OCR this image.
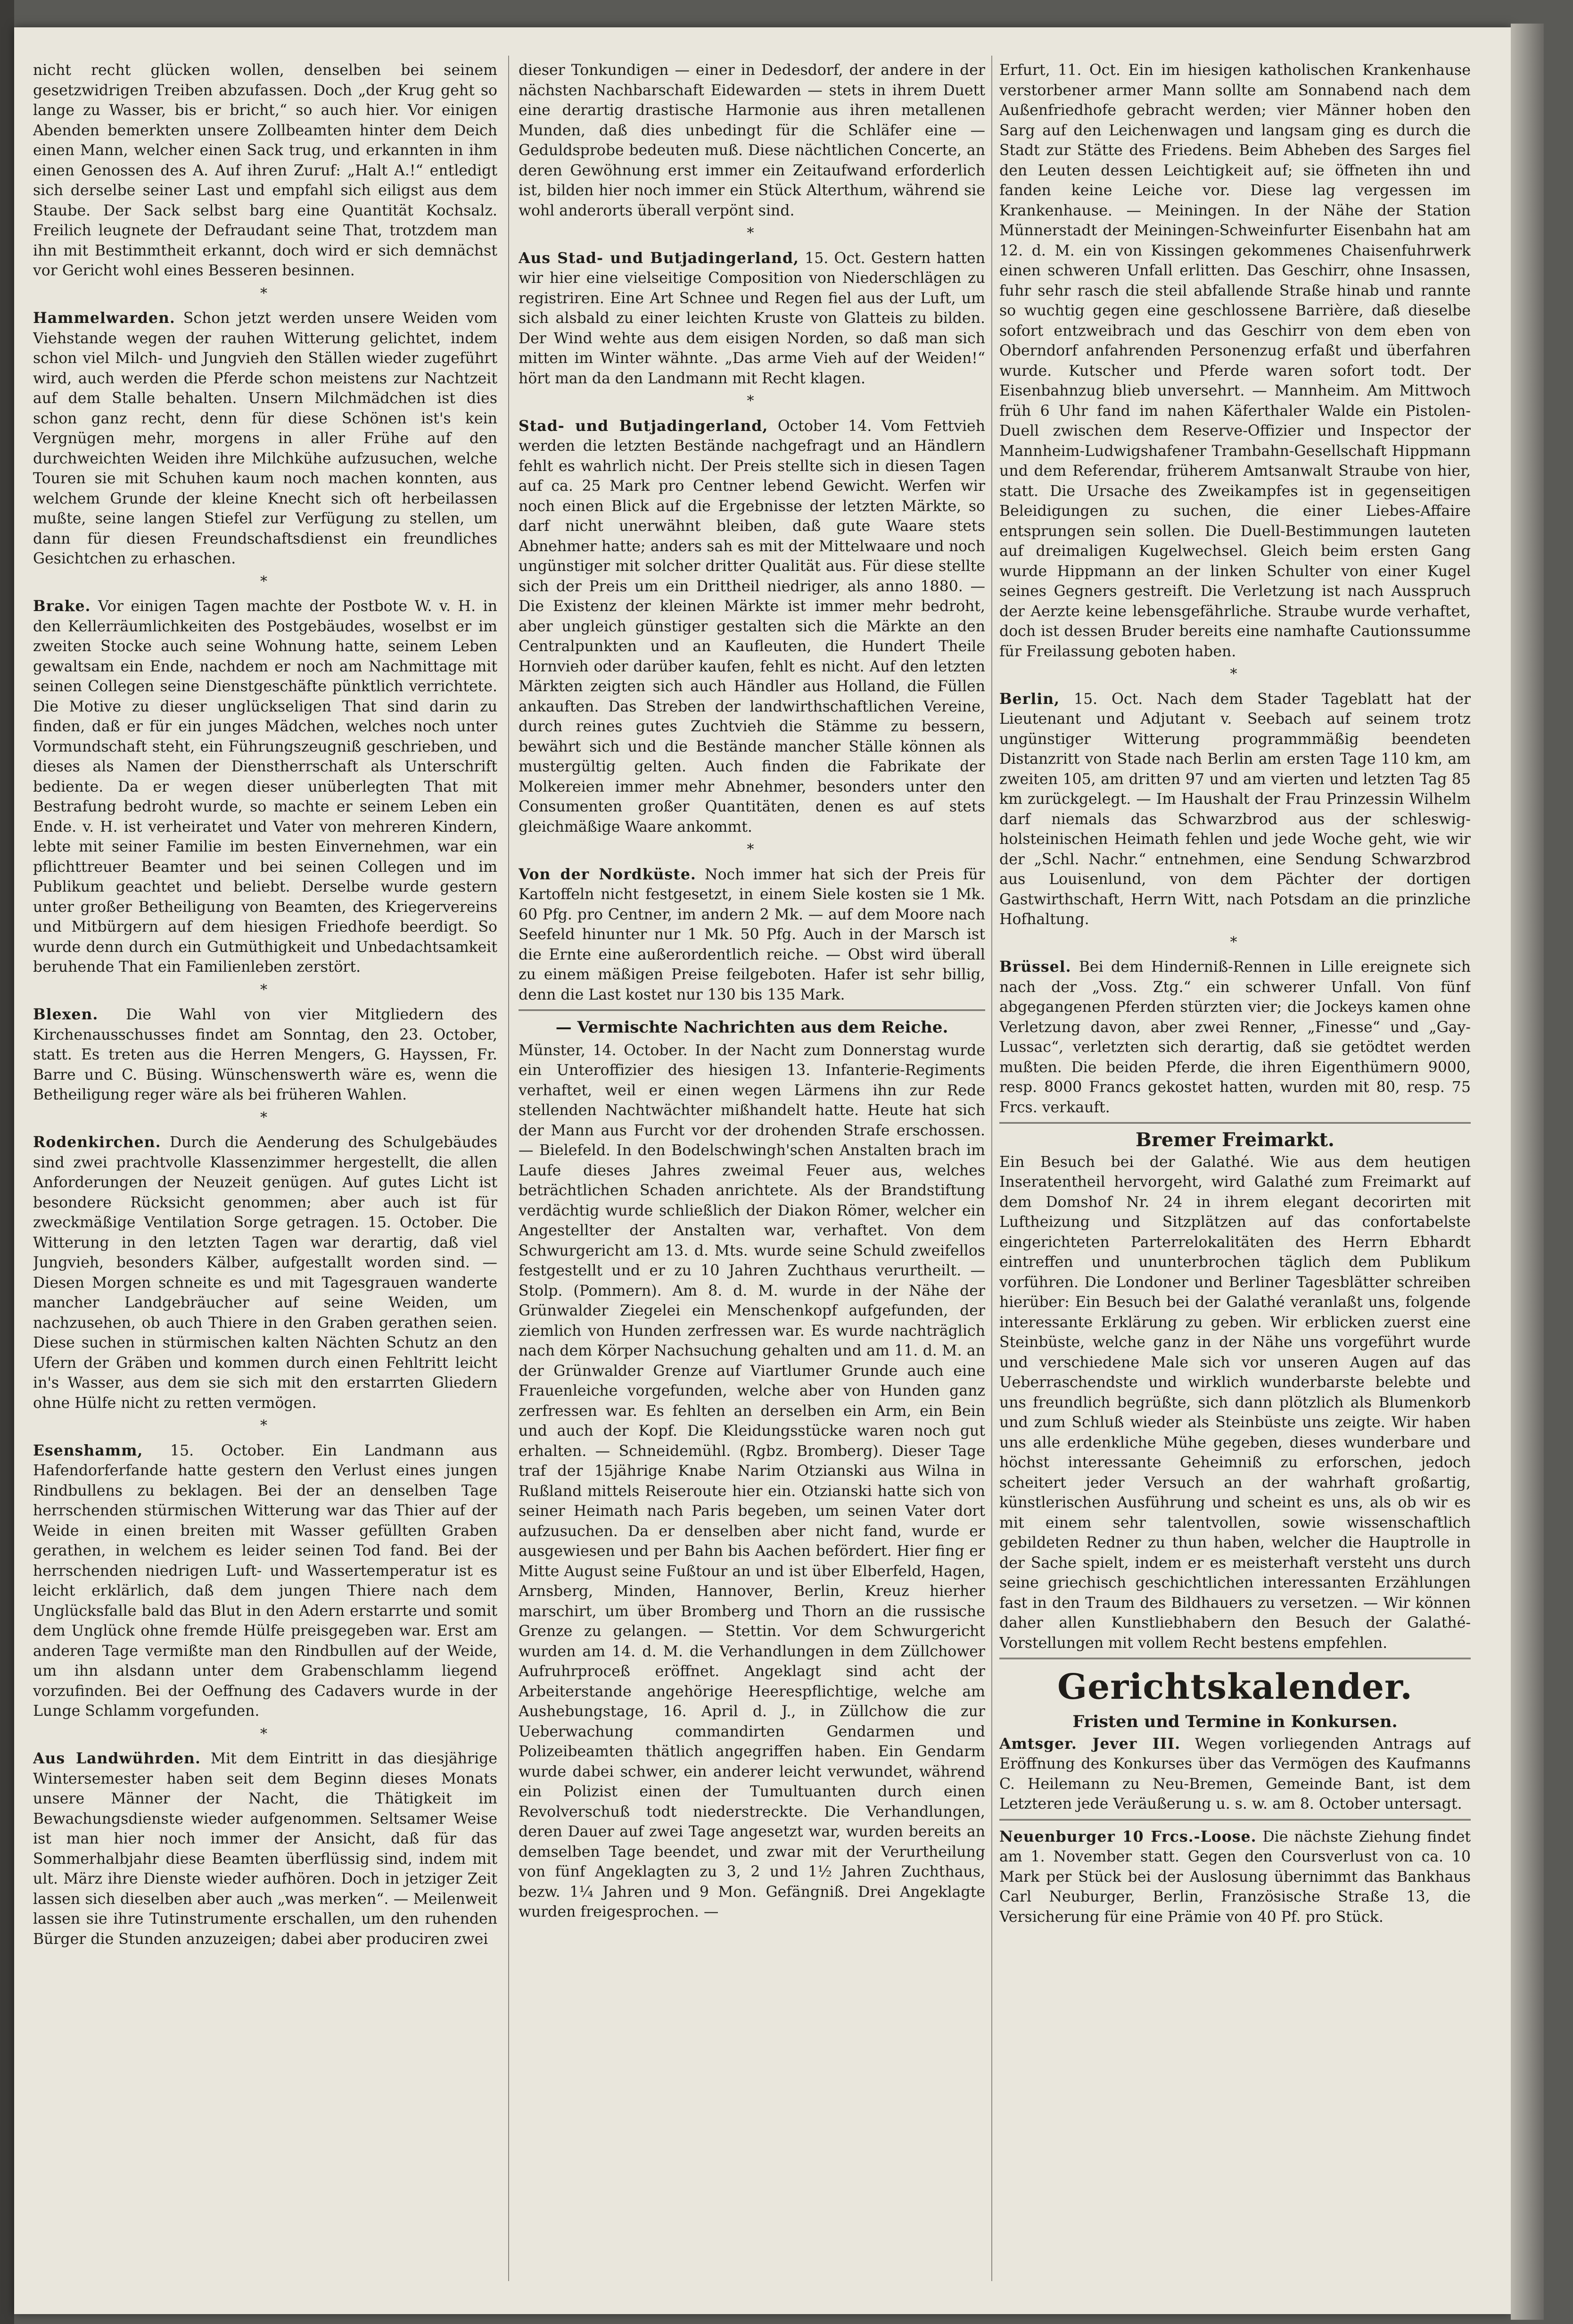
nicht recht glücken wollen, denselben bei seinem gesetzwidrigen Treiben abzufassen. Doch „der Krug geht so lange zu Wasser, bis er bricht,“ so auch hier. Vor einigen Abenden bemerkten unsere Zollbeamten hinter dem Deich einen Mann, welcher einen Sack trug, und erkannten in ihm einen Genossen des A. Auf ihren Zuruf: „Halt A.!“ entledigt sich derselbe seiner Last und empfahl sich eiligst aus dem Staube. Der Sack selbst barg eine Quantität Kochsalz. Freilich leugnete der Defraudant seine That, trotzdem man ihn mit Bestimmtheit erkannt, doch wird er sich demnächst vor Gericht wohl eines Besseren besinnen.

*

Hammelwarden. Schon jetzt werden unsere Weiden vom Viehstande wegen der rauhen Witterung gelichtet, indem schon viel Milch- und Jungvieh den Ställen wieder zugeführt wird, auch werden die Pferde schon meistens zur Nachtzeit auf dem Stalle behalten. Unsern Milchmädchen ist dies schon ganz recht, denn für diese Schönen ist's kein Vergnügen mehr, morgens in aller Frühe auf den durchweichten Weiden ihre Milchkühe aufzusuchen, welche Touren sie mit Schuhen kaum noch machen konnten, aus welchem Grunde der kleine Knecht sich oft herbeilassen mußte, seine langen Stiefel zur Verfügung zu stellen, um dann für diesen Freundschaftsdienst ein freundliches Gesichtchen zu erhaschen.

*

Brake. Vor einigen Tagen machte der Postbote W. v. H. in den Kellerräumlichkeiten des Postgebäudes, woselbst er im zweiten Stocke auch seine Wohnung hatte, seinem Leben gewaltsam ein Ende, nachdem er noch am Nachmittage mit seinen Collegen seine Dienstgeschäfte pünktlich verrichtete. Die Motive zu dieser unglückseligen That sind darin zu finden, daß er für ein junges Mädchen, welches noch unter Vormundschaft steht, ein Führungszeugniß geschrieben, und dieses als Namen der Dienstherrschaft als Unterschrift bediente. Da er wegen dieser unüberlegten That mit Bestrafung bedroht wurde, so machte er seinem Leben ein Ende. v. H. ist verheiratet und Vater von mehreren Kindern, lebte mit seiner Familie im besten Einvernehmen, war ein pflichttreuer Beamter und bei seinen Collegen und im Publikum geachtet und beliebt. Derselbe wurde gestern unter großer Betheiligung von Beamten, des Kriegervereins und Mitbürgern auf dem hiesigen Friedhofe beerdigt. So wurde denn durch ein Gutmüthigkeit und Unbedachtsamkeit beruhende That ein Familienleben zerstört.

*

Blexen. Die Wahl von vier Mitgliedern des Kirchenausschusses findet am Sonntag, den 23. October, statt. Es treten aus die Herren Mengers, G. Hayssen, Fr. Barre und C. Büsing. Wünschenswerth wäre es, wenn die Betheiligung reger wäre als bei früheren Wahlen.

*

Rodenkirchen. Durch die Aenderung des Schulgebäudes sind zwei prachtvolle Klassenzimmer hergestellt, die allen Anforderungen der Neuzeit genügen. Auf gutes Licht ist besondere Rücksicht genommen; aber auch ist für zweckmäßige Ventilation Sorge getragen. 15. October. Die Witterung in den letzten Tagen war derartig, daß viel Jungvieh, besonders Kälber, aufgestallt worden sind. — Diesen Morgen schneite es und mit Tagesgrauen wanderte mancher Landgebräucher auf seine Weiden, um nachzusehen, ob auch Thiere in den Graben gerathen seien. Diese suchen in stürmischen kalten Nächten Schutz an den Ufern der Gräben und kommen durch einen Fehltritt leicht in's Wasser, aus dem sie sich mit den erstarrten Gliedern ohne Hülfe nicht zu retten vermögen.

*

Esenshamm, 15. October. Ein Landmann aus Hafendorferfande hatte gestern den Verlust eines jungen Rindbullens zu beklagen. Bei der an denselben Tage herrschenden stürmischen Witterung war das Thier auf der Weide in einen breiten mit Wasser gefüllten Graben gerathen, in welchem es leider seinen Tod fand. Bei der herrschenden niedrigen Luft- und Wassertemperatur ist es leicht erklärlich, daß dem jungen Thiere nach dem Unglücksfalle bald das Blut in den Adern erstarrte und somit dem Unglück ohne fremde Hülfe preisgegeben war. Erst am anderen Tage vermißte man den Rindbullen auf der Weide, um ihn alsdann unter dem Grabenschlamm liegend vorzufinden. Bei der Oeffnung des Cadavers wurde in der Lunge Schlamm vorgefunden.

*

Aus Landwührden. Mit dem Eintritt in das diesjährige Wintersemester haben seit dem Beginn dieses Monats unsere Männer der Nacht, die Thätigkeit im Bewachungsdienste wieder aufgenommen. Seltsamer Weise ist man hier noch immer der Ansicht, daß für das Sommerhalbjahr diese Beamten überflüssig sind, indem mit ult. März ihre Dienste wieder aufhören. Doch in jetziger Zeit lassen sich dieselben aber auch „was merken“. — Meilenweit lassen sie ihre Tutinstrumente erschallen, um den ruhenden Bürger die Stunden anzuzeigen; dabei aber produciren zwei

dieser Tonkundigen — einer in Dedesdorf, der andere in der nächsten Nachbarschaft Eidewarden — stets in ihrem Duett eine derartig drastische Harmonie aus ihren metallenen Munden, daß dies unbedingt für die Schläfer eine — Geduldsprobe bedeuten muß. Diese nächtlichen Concerte, an deren Gewöhnung erst immer ein Zeitaufwand erforderlich ist, bilden hier noch immer ein Stück Alterthum, während sie wohl anderorts überall verpönt sind.

*

Aus Stad- und Butjadingerland, 15. Oct. Gestern hatten wir hier eine vielseitige Composition von Niederschlägen zu registriren. Eine Art Schnee und Regen fiel aus der Luft, um sich alsbald zu einer leichten Kruste von Glatteis zu bilden. Der Wind wehte aus dem eisigen Norden, so daß man sich mitten im Winter wähnte. „Das arme Vieh auf der Weiden!“ hört man da den Landmann mit Recht klagen.

*

Stad- und Butjadingerland, October 14. Vom Fettvieh werden die letzten Bestände nachgefragt und an Händlern fehlt es wahrlich nicht. Der Preis stellte sich in diesen Tagen auf ca. 25 Mark pro Centner lebend Gewicht. Werfen wir noch einen Blick auf die Ergebnisse der letzten Märkte, so darf nicht unerwähnt bleiben, daß gute Waare stets Abnehmer hatte; anders sah es mit der Mittelwaare und noch ungünstiger mit solcher dritter Qualität aus. Für diese stellte sich der Preis um ein Drittheil niedriger, als anno 1880. — Die Existenz der kleinen Märkte ist immer mehr bedroht, aber ungleich günstiger gestalten sich die Märkte an den Centralpunkten und an Kaufleuten, die Hundert Theile Hornvieh oder darüber kaufen, fehlt es nicht. Auf den letzten Märkten zeigten sich auch Händler aus Holland, die Füllen ankauften. Das Streben der landwirthschaftlichen Vereine, durch reines gutes Zuchtvieh die Stämme zu bessern, bewährt sich und die Bestände mancher Ställe können als mustergültig gelten. Auch finden die Fabrikate der Molkereien immer mehr Abnehmer, besonders unter den Consumenten großer Quantitäten, denen es auf stets gleichmäßige Waare ankommt.

*

Von der Nordküste. Noch immer hat sich der Preis für Kartoffeln nicht festgesetzt, in einem Siele kosten sie 1 Mk. 60 Pfg. pro Centner, im andern 2 Mk. — auf dem Moore nach Seefeld hinunter nur 1 Mk. 50 Pfg. Auch in der Marsch ist die Ernte eine außerordentlich reiche. — Obst wird überall zu einem mäßigen Preise feilgeboten. Hafer ist sehr billig, denn die Last kostet nur 130 bis 135 Mark.

— Vermischte Nachrichten aus dem Reiche.

Münster, 14. October. In der Nacht zum Donnerstag wurde ein Unteroffizier des hiesigen 13. Infanterie-Regiments verhaftet, weil er einen wegen Lärmens ihn zur Rede stellenden Nachtwächter mißhandelt hatte. Heute hat sich der Mann aus Furcht vor der drohenden Strafe erschossen. — Bielefeld. In den Bodelschwingh'schen Anstalten brach im Laufe dieses Jahres zweimal Feuer aus, welches beträchtlichen Schaden anrichtete. Als der Brandstiftung verdächtig wurde schließlich der Diakon Römer, welcher ein Angestellter der Anstalten war, verhaftet. Von dem Schwurgericht am 13. d. Mts. wurde seine Schuld zweifellos festgestellt und er zu 10 Jahren Zuchthaus verurtheilt. — Stolp. (Pommern). Am 8. d. M. wurde in der Nähe der Grünwalder Ziegelei ein Menschenkopf aufgefunden, der ziemlich von Hunden zerfressen war. Es wurde nachträglich nach dem Körper Nachsuchung gehalten und am 11. d. M. an der Grünwalder Grenze auf Viartlumer Grunde auch eine Frauenleiche vorgefunden, welche aber von Hunden ganz zerfressen war. Es fehlten an derselben ein Arm, ein Bein und auch der Kopf. Die Kleidungsstücke waren noch gut erhalten. — Schneidemühl. (Rgbz. Bromberg). Dieser Tage traf der 15jährige Knabe Narim Otzianski aus Wilna in Rußland mittels Reiseroute hier ein. Otzianski hatte sich von seiner Heimath nach Paris begeben, um seinen Vater dort aufzusuchen. Da er denselben aber nicht fand, wurde er ausgewiesen und per Bahn bis Aachen befördert. Hier fing er Mitte August seine Fußtour an und ist über Elberfeld, Hagen, Arnsberg, Minden, Hannover, Berlin, Kreuz hierher marschirt, um über Bromberg und Thorn an die russische Grenze zu gelangen. — Stettin. Vor dem Schwurgericht wurden am 14. d. M. die Verhandlungen in dem Züllchower Aufruhrproceß eröffnet. Angeklagt sind acht der Arbeiterstande angehörige Heerespflichtige, welche am Aushebungstage, 16. April d. J., in Züllchow die zur Ueberwachung commandirten Gendarmen und Polizeibeamten thätlich angegriffen haben. Ein Gendarm wurde dabei schwer, ein anderer leicht verwundet, während ein Polizist einen der Tumultuanten durch einen Revolverschuß todt niederstreckte. Die Verhandlungen, deren Dauer auf zwei Tage angesetzt war, wurden bereits an demselben Tage beendet, und zwar mit der Verurtheilung von fünf Angeklagten zu 3, 2 und 1½ Jahren Zuchthaus, bezw. 1¼ Jahren und 9 Mon. Gefängniß. Drei Angeklagte wurden freigesprochen. —

Erfurt, 11. Oct. Ein im hiesigen katholischen Krankenhause verstorbener armer Mann sollte am Sonnabend nach dem Außenfriedhofe gebracht werden; vier Männer hoben den Sarg auf den Leichenwagen und langsam ging es durch die Stadt zur Stätte des Friedens. Beim Abheben des Sarges fiel den Leuten dessen Leichtigkeit auf; sie öffneten ihn und fanden keine Leiche vor. Diese lag vergessen im Krankenhause. — Meiningen. In der Nähe der Station Münnerstadt der Meiningen-Schweinfurter Eisenbahn hat am 12. d. M. ein von Kissingen gekommenes Chaisenfuhrwerk einen schweren Unfall erlitten. Das Geschirr, ohne Insassen, fuhr sehr rasch die steil abfallende Straße hinab und rannte so wuchtig gegen eine geschlossene Barrière, daß dieselbe sofort entzweibrach und das Geschirr von dem eben von Oberndorf anfahrenden Personenzug erfaßt und überfahren wurde. Kutscher und Pferde waren sofort todt. Der Eisenbahnzug blieb unversehrt. — Mannheim. Am Mittwoch früh 6 Uhr fand im nahen Käferthaler Walde ein Pistolen-Duell zwischen dem Reserve-Offizier und Inspector der Mannheim-Ludwigshafener Trambahn-Gesellschaft Hippmann und dem Referendar, früherem Amtsanwalt Straube von hier, statt. Die Ursache des Zweikampfes ist in gegenseitigen Beleidigungen zu suchen, die einer Liebes-Affaire entsprungen sein sollen. Die Duell-Bestimmungen lauteten auf dreimaligen Kugelwechsel. Gleich beim ersten Gang wurde Hippmann an der linken Schulter von einer Kugel seines Gegners gestreift. Die Verletzung ist nach Ausspruch der Aerzte keine lebensgefährliche. Straube wurde verhaftet, doch ist dessen Bruder bereits eine namhafte Cautionssumme für Freilassung geboten haben.

*

Berlin, 15. Oct. Nach dem Stader Tageblatt hat der Lieutenant und Adjutant v. Seebach auf seinem trotz ungünstiger Witterung programmmäßig beendeten Distanzritt von Stade nach Berlin am ersten Tage 110 km, am zweiten 105, am dritten 97 und am vierten und letzten Tag 85 km zurückgelegt. — Im Haushalt der Frau Prinzessin Wilhelm darf niemals das Schwarzbrod aus der schleswig-holsteinischen Heimath fehlen und jede Woche geht, wie wir der „Schl. Nachr.“ entnehmen, eine Sendung Schwarzbrod aus Louisenlund, von dem Pächter der dortigen Gastwirthschaft, Herrn Witt, nach Potsdam an die prinzliche Hofhaltung.

*

Brüssel. Bei dem Hinderniß-Rennen in Lille ereignete sich nach der „Voss. Ztg.“ ein schwerer Unfall. Von fünf abgegangenen Pferden stürzten vier; die Jockeys kamen ohne Verletzung davon, aber zwei Renner, „Finesse“ und „Gay-Lussac“, verletzten sich derartig, daß sie getödtet werden mußten. Die beiden Pferde, die ihren Eigenthümern 9000, resp. 8000 Francs gekostet hatten, wurden mit 80, resp. 75 Frcs. verkauft.

Bremer Freimarkt.

Ein Besuch bei der Galathé. Wie aus dem heutigen Inseratentheil hervorgeht, wird Galathé zum Freimarkt auf dem Domshof Nr. 24 in ihrem elegant decorirten mit Luftheizung und Sitzplätzen auf das confortabelste eingerichteten Parterrelokalitäten des Herrn Ebhardt eintreffen und ununterbrochen täglich dem Publikum vorführen. Die Londoner und Berliner Tagesblätter schreiben hierüber: Ein Besuch bei der Galathé veranlaßt uns, folgende interessante Erklärung zu geben. Wir erblicken zuerst eine Steinbüste, welche ganz in der Nähe uns vorgeführt wurde und verschiedene Male sich vor unseren Augen auf das Ueberraschendste und wirklich wunderbarste belebte und uns freundlich begrüßte, sich dann plötzlich als Blumenkorb und zum Schluß wieder als Steinbüste uns zeigte. Wir haben uns alle erdenkliche Mühe gegeben, dieses wunderbare und höchst interessante Geheimniß zu erforschen, jedoch scheitert jeder Versuch an der wahrhaft großartig, künstlerischen Ausführung und scheint es uns, als ob wir es mit einem sehr talentvollen, sowie wissenschaftlich gebildeten Redner zu thun haben, welcher die Hauptrolle in der Sache spielt, indem er es meisterhaft versteht uns durch seine griechisch geschichtlichen interessanten Erzählungen fast in den Traum des Bildhauers zu versetzen. — Wir können daher allen Kunstliebhabern den Besuch der Galathé-Vorstellungen mit vollem Recht bestens empfehlen.

Gerichtskalender.
Fristen und Termine in Konkursen.

Amtsger. Jever III. Wegen vorliegenden Antrags auf Eröffnung des Konkurses über das Vermögen des Kaufmanns C. Heilemann zu Neu-Bremen, Gemeinde Bant, ist dem Letzteren jede Veräußerung u. s. w. am 8. October untersagt.

Neuenburger 10 Frcs.-Loose. Die nächste Ziehung findet am 1. November statt. Gegen den Coursverlust von ca. 10 Mark per Stück bei der Auslosung übernimmt das Bankhaus Carl Neuburger, Berlin, Französische Straße 13, die Versicherung für eine Prämie von 40 Pf. pro Stück.
